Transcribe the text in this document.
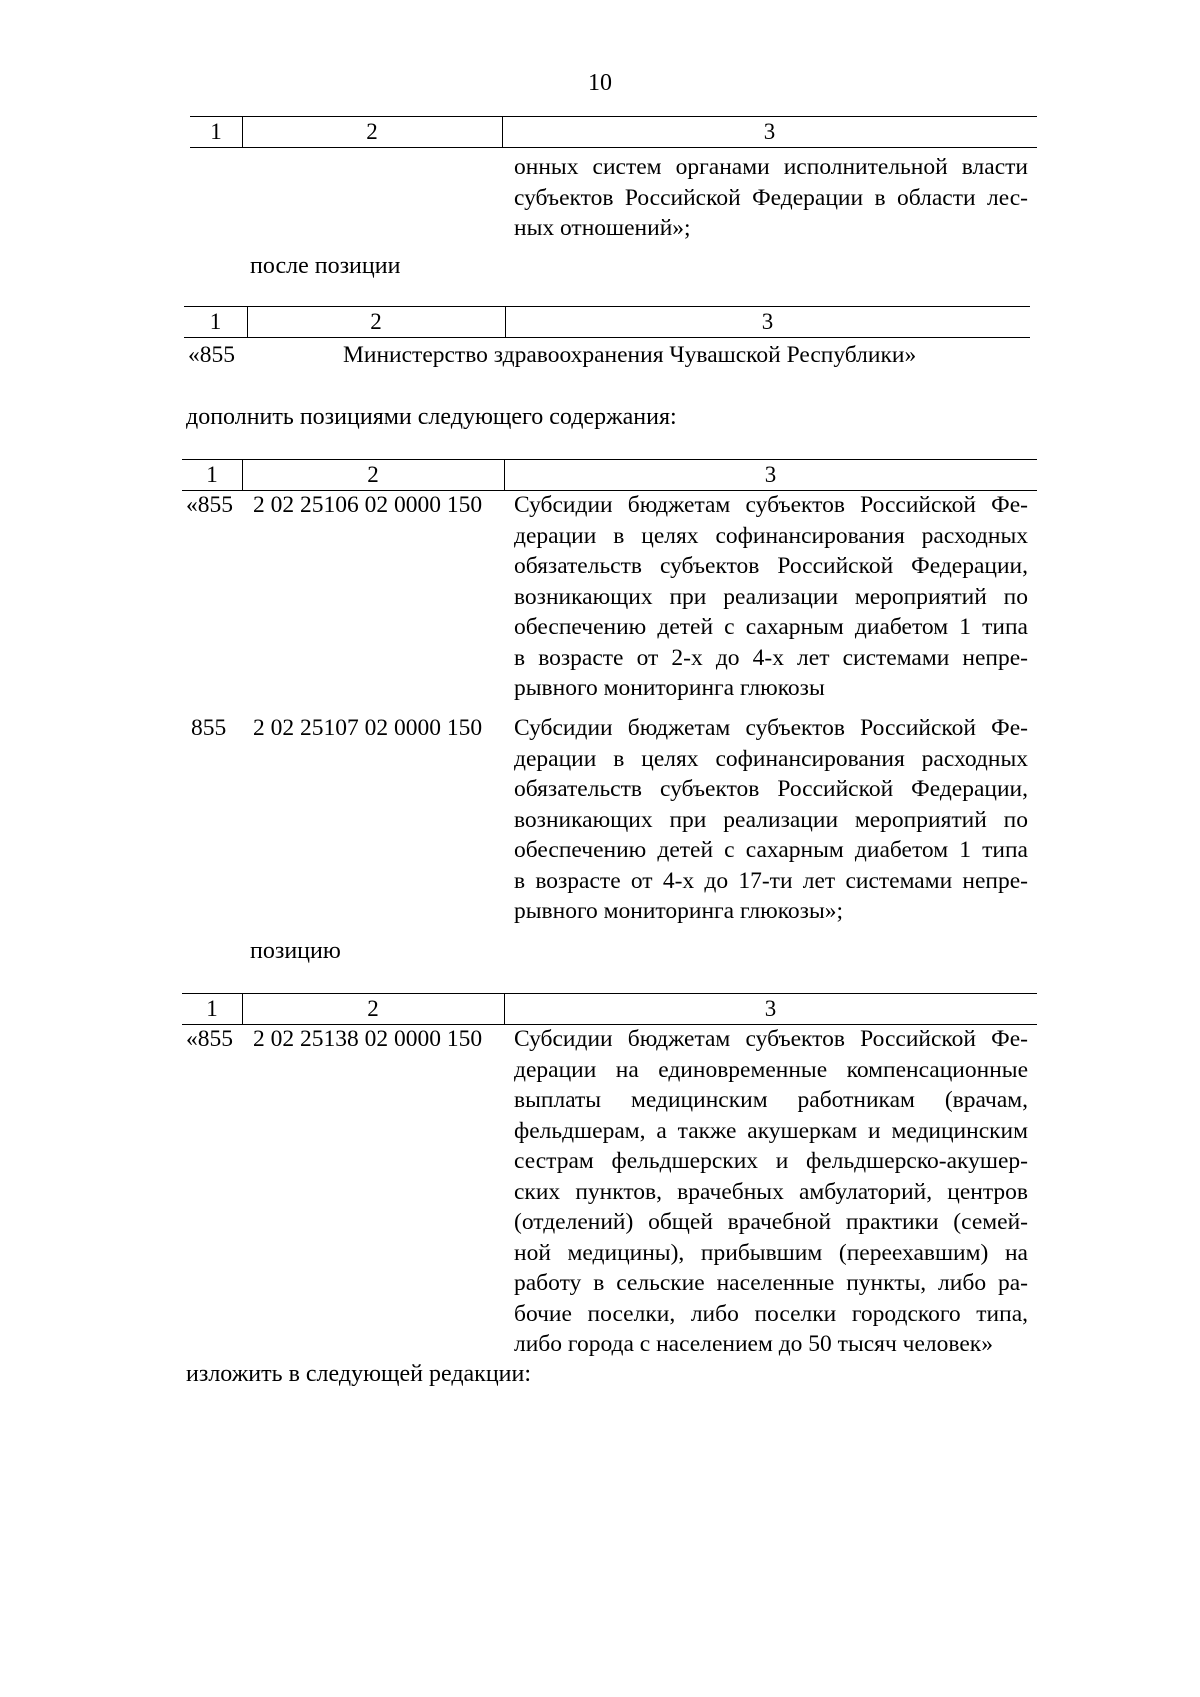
10
1	2	3
онных систем органами исполнительной власти
субъектов Российской Федерации в области лес-
ных отношений»;
после позиции
1	2	3
«855	Министерство здравоохранения Чувашской Республики»
дополнить позициями следующего содержания:
1	2	3
«855 2 02 25106 02 0000 150 Субсидии бюджетам субъектов Российской Фе-
дерации в целях софинансирования расходных
обязательств субъектов Российской Федерации,
возникающих при реализации мероприятий по
обеспечению детей с сахарным диабетом 1 типа
в возрасте от 2-х до 4-х лет системами непре-
рывного мониторинга глюкозы
855 2 02 25107 02 0000 150 Субсидии бюджетам субъектов Российской Фе-
дерации в целях софинансирования расходных
обязательств субъектов Российской Федерации,
возникающих при реализации мероприятий по
обеспечению детей с сахарным диабетом 1 типа
в возрасте от 4-х до 17-ти лет системами непре-
рывного мониторинга глюкозы»;
позицию
1	2	3
«855 2 02 25138 02 0000 150 Субсидии бюджетам субъектов Российской Фе-
дерации на единовременные компенсационные
выплаты медицинским работникам (врачам,
фельдшерам, а также акушеркам и медицинским
сестрам фельдшерских и фельдшерско-акушер-
ских пунктов, врачебных амбулаторий, центров
(отделений) общей врачебной практики (семей-
ной медицины), прибывшим (переехавшим) на
работу в сельские населенные пункты, либо ра-
бочие поселки, либо поселки городского типа,
либо города с населением до 50 тысяч человек»
изложить в следующей редакции:
